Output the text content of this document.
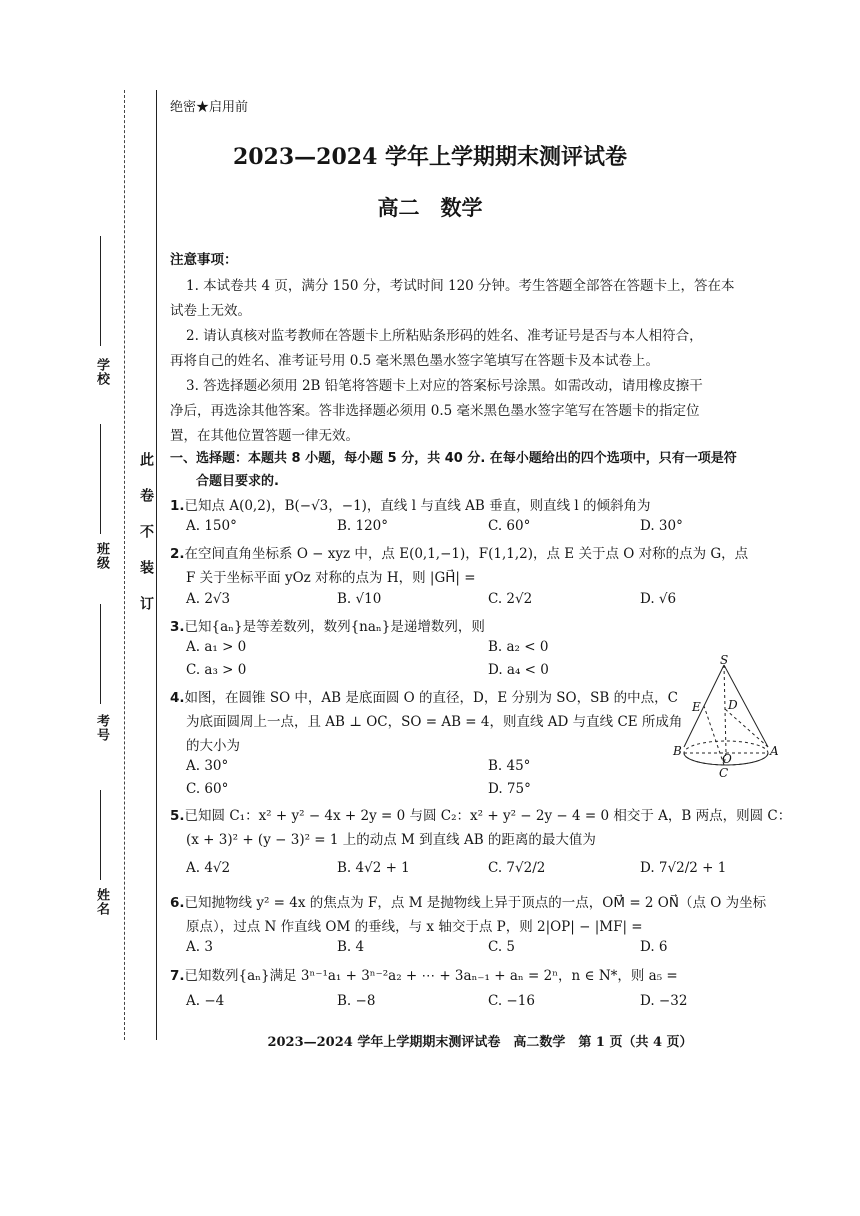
学校
班级
考号
姓名
此　卷　不　装　订
绝密★启用前
2023—2024 学年上学期期末测评试卷
高二　数学
注意事项：
1. 本试卷共 4 页，满分 150 分，考试时间 120 分钟。考生答题全部答在答题卡上，答在本
试卷上无效。
2. 请认真核对监考教师在答题卡上所粘贴条形码的姓名、准考证号是否与本人相符合，
再将自己的姓名、准考证号用 0.5 毫米黑色墨水签字笔填写在答题卡及本试卷上。
3. 答选择题必须用 2B 铅笔将答题卡上对应的答案标号涂黑。如需改动，请用橡皮擦干
净后，再选涂其他答案。答非选择题必须用 0.5 毫米黑色墨水签字笔写在答题卡的指定位
置，在其他位置答题一律无效。
一、选择题：本题共 8 小题，每小题 5 分，共 40 分. 在每小题给出的四个选项中，只有一项是符
合题目要求的.
1.已知点 A(0,2)，B(−√3，−1)，直线 l 与直线 AB 垂直，则直线 l 的倾斜角为
A. 150°	B. 120°	C. 60°	D. 30°
2.在空间直角坐标系 O − xyz 中，点 E(0,1,−1)，F(1,1,2)，点 E 关于点 O 对称的点为 G，点
F 关于坐标平面 yOz 对称的点为 H，则 |GH⃗| =
A. 2√3	B. √10	C. 2√2	D. √6
3.已知{aₙ}是等差数列，数列{naₙ}是递增数列，则
A. a₁ > 0	B. a₂ < 0
C. a₃ > 0	D. a₄ < 0
4.如图，在圆锥 SO 中，AB 是底面圆 O 的直径，D，E 分别为 SO，SB 的中点，C
为底面圆周上一点，且 AB ⊥ OC，SO = AB = 4，则直线 AD 与直线 CE 所成角
的大小为
A. 30°	B. 45°
C. 60°	D. 75°
S
E D
B
O
A
C
5.已知圆 C₁：x² + y² − 4x + 2y = 0 与圆 C₂：x² + y² − 2y − 4 = 0 相交于 A，B 两点，则圆 C：
(x + 3)² + (y − 3)² = 1 上的动点 M 到直线 AB 的距离的最大值为
A. 4√2	B. 4√2 + 1	C. 7√2/2	D. 7√2/2 + 1
6.已知抛物线 y² = 4x 的焦点为 F，点 M 是抛物线上异于顶点的一点，OM⃗ = 2 ON⃗（点 O 为坐标
原点），过点 N 作直线 OM 的垂线，与 x 轴交于点 P，则 2|OP| − |MF| =
A. 3	B. 4	C. 5	D. 6
7.已知数列{aₙ}满足 3ⁿ⁻¹a₁ + 3ⁿ⁻²a₂ + ⋯ + 3aₙ₋₁ + aₙ = 2ⁿ，n ∈ N*，则 a₅ =
A. −4	B. −8	C. −16	D. −32
2023—2024 学年上学期期末测评试卷　高二数学　第 1 页（共 4 页）
